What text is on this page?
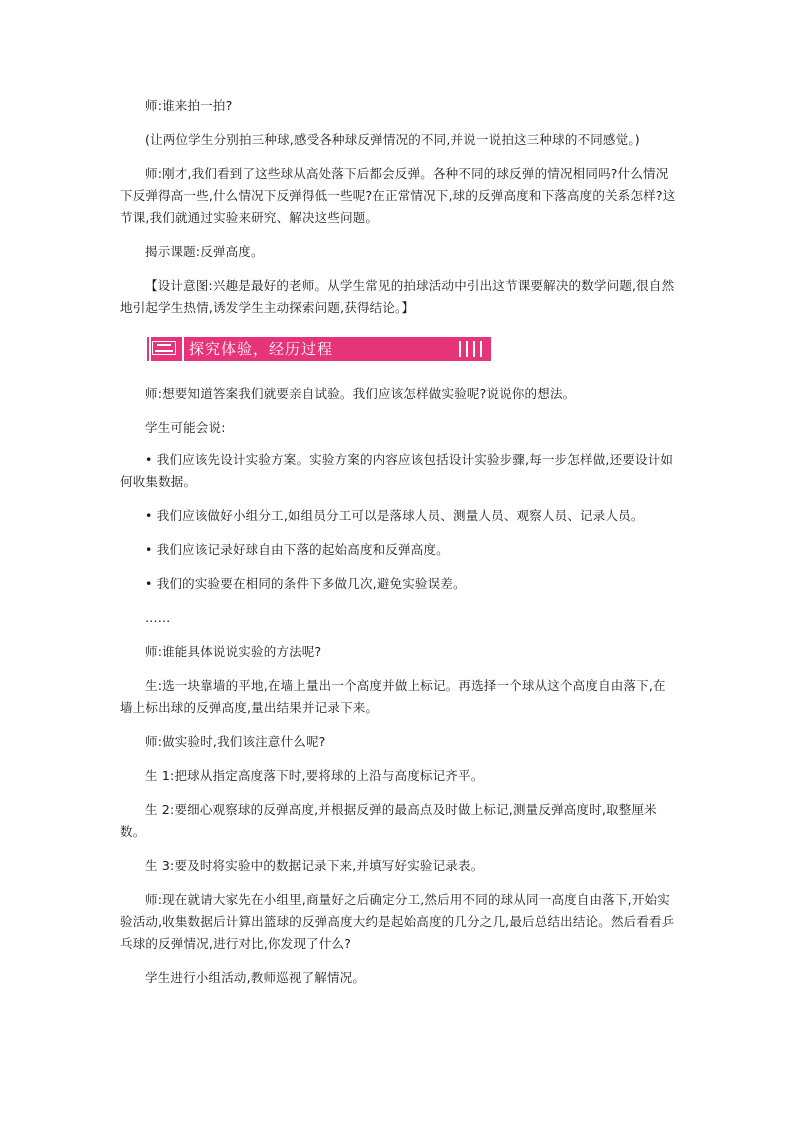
师:谁来拍一拍?

(让两位学生分别拍三种球,感受各种球反弹情况的不同,并说一说拍这三种球的不同感觉。)

师:刚才,我们看到了这些球从高处落下后都会反弹。各种不同的球反弹的情况相同吗?什么情况下反弹得高一些,什么情况下反弹得低一些呢?在正常情况下,球的反弹高度和下落高度的关系怎样?这节课,我们就通过实验来研究、解决这些问题。

揭示课题:反弹高度。

【设计意图:兴趣是最好的老师。从学生常见的拍球活动中引出这节课要解决的数学问题,很自然地引起学生热情,诱发学生主动探索问题,获得结论。】

探究体验，经历过程

师:想要知道答案我们就要亲自试验。我们应该怎样做实验呢?说说你的想法。

学生可能会说:

• 我们应该先设计实验方案。实验方案的内容应该包括设计实验步骤,每一步怎样做,还要设计如何收集数据。

• 我们应该做好小组分工,如组员分工可以是落球人员、测量人员、观察人员、记录人员。

• 我们应该记录好球自由下落的起始高度和反弹高度。

• 我们的实验要在相同的条件下多做几次,避免实验误差。

……

师:谁能具体说说实验的方法呢?

生:选一块靠墙的平地,在墙上量出一个高度并做上标记。再选择一个球从这个高度自由落下,在墙上标出球的反弹高度,量出结果并记录下来。

师:做实验时,我们该注意什么呢?

生 1:把球从指定高度落下时,要将球的上沿与高度标记齐平。

生 2:要细心观察球的反弹高度,并根据反弹的最高点及时做上标记,测量反弹高度时,取整厘米数。

生 3:要及时将实验中的数据记录下来,并填写好实验记录表。

师:现在就请大家先在小组里,商量好之后确定分工,然后用不同的球从同一高度自由落下,开始实验活动,收集数据后计算出篮球的反弹高度大约是起始高度的几分之几,最后总结出结论。然后看看乒乓球的反弹情况,进行对比,你发现了什么?

学生进行小组活动,教师巡视了解情况。
